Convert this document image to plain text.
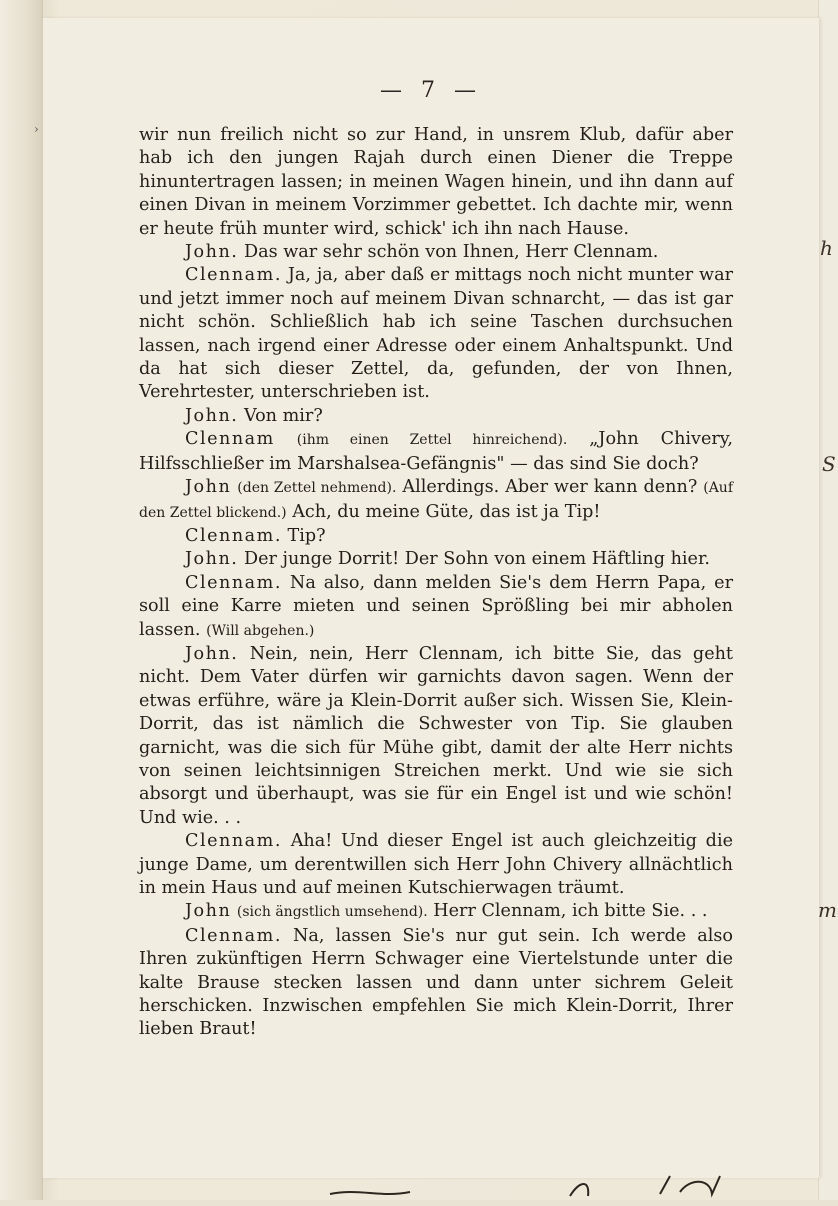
›
— 7 —

wir nun freilich nicht so zur Hand, in unsrem Klub, dafür aber hab ich den jungen Rajah durch einen Diener die Treppe hinuntertragen lassen; in meinen Wagen hinein, und ihn dann auf einen Divan in meinem Vorzimmer gebettet. Ich dachte mir, wenn er heute früh munter wird, schick' ich ihn nach Hause.

John. Das war sehr schön von Ihnen, Herr Clennam.

Clennam. Ja, ja, aber daß er mittags noch nicht munter war und jetzt immer noch auf meinem Divan schnarcht, — das ist gar nicht schön. Schließlich hab ich seine Taschen durchsuchen lassen, nach irgend einer Adresse oder einem Anhaltspunkt. Und da hat sich dieser Zettel, da, gefunden, der von Ihnen, Verehrtester, unterschrieben ist.

John. Von mir?

Clennam (ihm einen Zettel hinreichend). „John Chivery, Hilfsschließer im Marshalsea-Gefängnis" — das sind Sie doch?

John (den Zettel nehmend). Allerdings. Aber wer kann denn? (Auf den Zettel blickend.) Ach, du meine Güte, das ist ja Tip!

Clennam. Tip?

John. Der junge Dorrit! Der Sohn von einem Häftling hier.

Clennam. Na also, dann melden Sie's dem Herrn Papa, er soll eine Karre mieten und seinen Sprößling bei mir abholen lassen. (Will abgehen.)

John. Nein, nein, Herr Clennam, ich bitte Sie, das geht nicht. Dem Vater dürfen wir garnichts davon sagen. Wenn der etwas erführe, wäre ja Klein-Dorrit außer sich. Wissen Sie, Klein-Dorrit, das ist nämlich die Schwester von Tip. Sie glauben garnicht, was die sich für Mühe gibt, damit der alte Herr nichts von seinen leichtsinnigen Streichen merkt. Und wie sie sich absorgt und überhaupt, was sie für ein Engel ist und wie schön! Und wie. . .

Clennam. Aha! Und dieser Engel ist auch gleichzeitig die junge Dame, um derentwillen sich Herr John Chivery allnächtlich in mein Haus und auf meinen Kutschierwagen träumt.

John (sich ängstlich umsehend). Herr Clennam, ich bitte Sie. . .

Clennam. Na, lassen Sie's nur gut sein. Ich werde also Ihren zukünftigen Herrn Schwager eine Viertelstunde unter die kalte Brause stecken lassen und dann unter sichrem Geleit herschicken. Inzwischen empfehlen Sie mich Klein-Dorrit, Ihrer lieben Braut!

h
S
m
